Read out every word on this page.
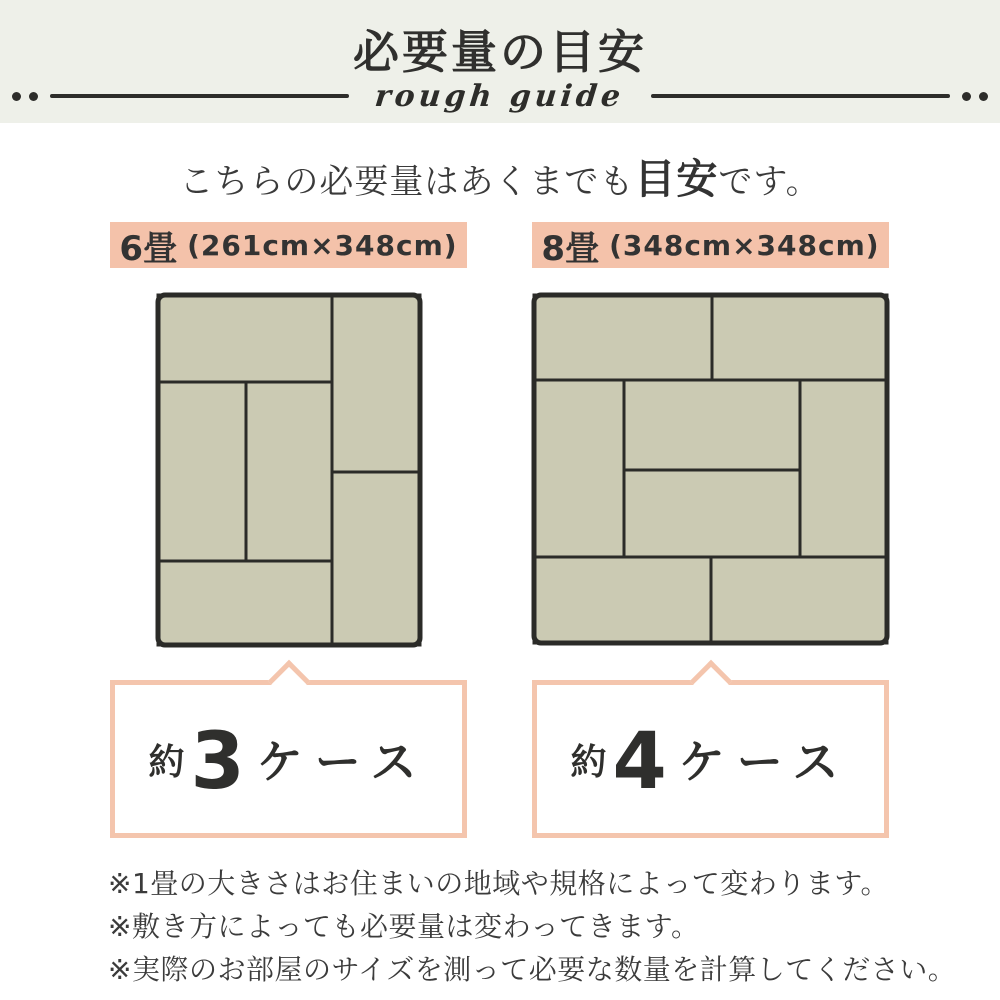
必要量の目安
rough guide
こちらの必要量はあくまでも目安です。
6畳 (261cm×348cm)
約 3 ケース
8畳 (348cm×348cm)
約 4 ケース
※1畳の大きさはお住まいの地域や規格によって変わります。
※敷き方によっても必要量は変わってきます。
※実際のお部屋のサイズを測って必要な数量を計算してください。
